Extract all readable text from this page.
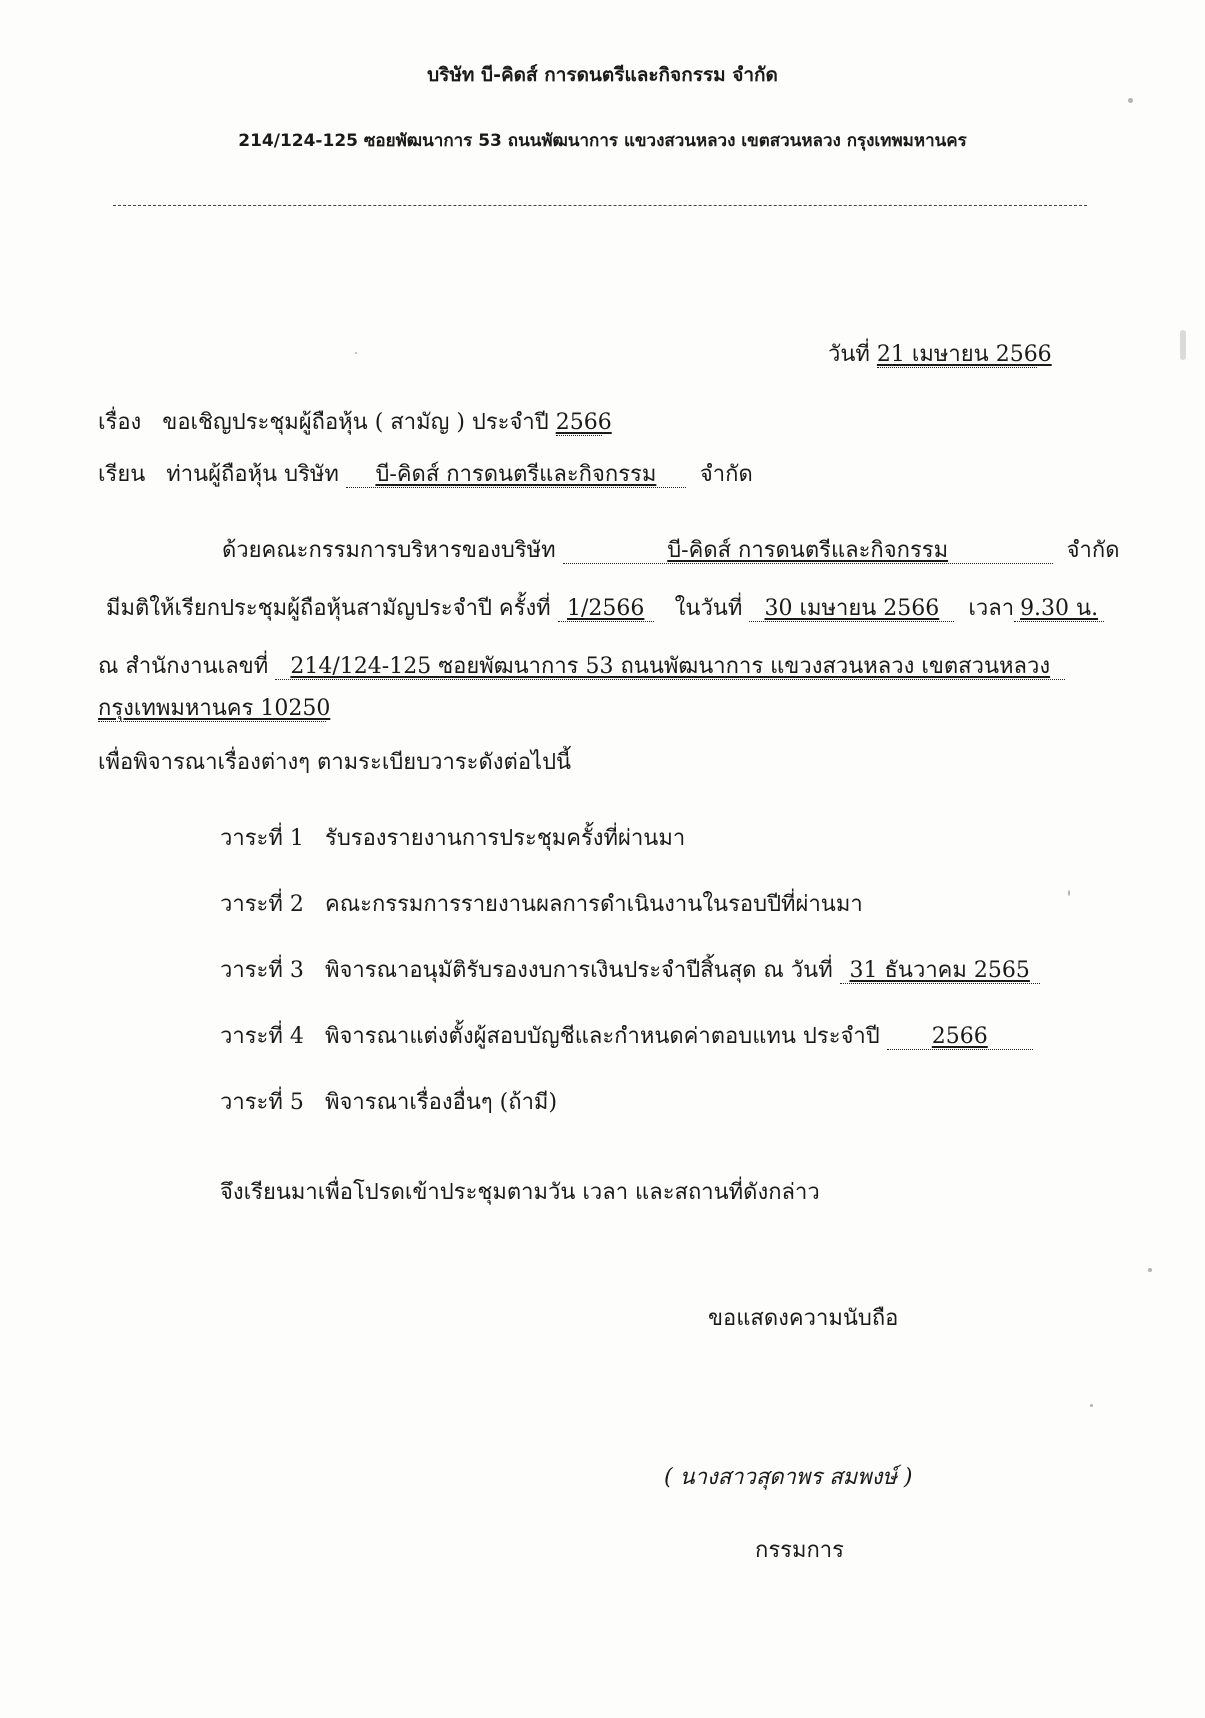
บริษัท บี-คิดส์ การดนตรีและกิจกรรม จำกัด
214/124-125 ซอยพัฒนาการ 53 ถนนพัฒนาการ แขวงสวนหลวง เขตสวนหลวง กรุงเทพมหานคร
วันที่ 21 เมษายน 2566
เรื่อง ขอเชิญประชุมผู้ถือหุ้น ( สามัญ ) ประจำปี 2566
เรียน ท่านผู้ถือหุ้น บริษัท บี-คิดส์ การดนตรีและกิจกรรม จำกัด
ด้วยคณะกรรมการบริหารของบริษัท	บี-คิดส์ การดนตรีและกิจกรรม	จำกัด
มีมติให้เรียกประชุมผู้ถือหุ้นสามัญประจำปี ครั้งที่ 1/2566 ในวันที่ 30 เมษายน 2566 เวลา 9.30 น.
ณ สำนักงานเลขที่ 214/124-125 ซอยพัฒนาการ 53 ถนนพัฒนาการ แขวงสวนหลวง เขตสวนหลวง
กรุงเทพมหานคร 10250
เพื่อพิจารณาเรื่องต่างๆ ตามระเบียบวาระดังต่อไปนี้
วาระที่ 1 รับรองรายงานการประชุมครั้งที่ผ่านมา
วาระที่ 2 คณะกรรมการรายงานผลการดำเนินงานในรอบปีที่ผ่านมา
วาระที่ 3 พิจารณาอนุมัติรับรองงบการเงินประจำปีสิ้นสุด ณ วันที่ 31 ธันวาคม 2565
วาระที่ 4 พิจารณาแต่งตั้งผู้สอบบัญชีและกำหนดค่าตอบแทน ประจำปี 2566
วาระที่ 5 พิจารณาเรื่องอื่นๆ (ถ้ามี)
จึงเรียนมาเพื่อโปรดเข้าประชุมตามวัน เวลา และสถานที่ดังกล่าว
ขอแสดงความนับถือ
( นางสาวสุดาพร สมพงษ์ )
กรรมการ
